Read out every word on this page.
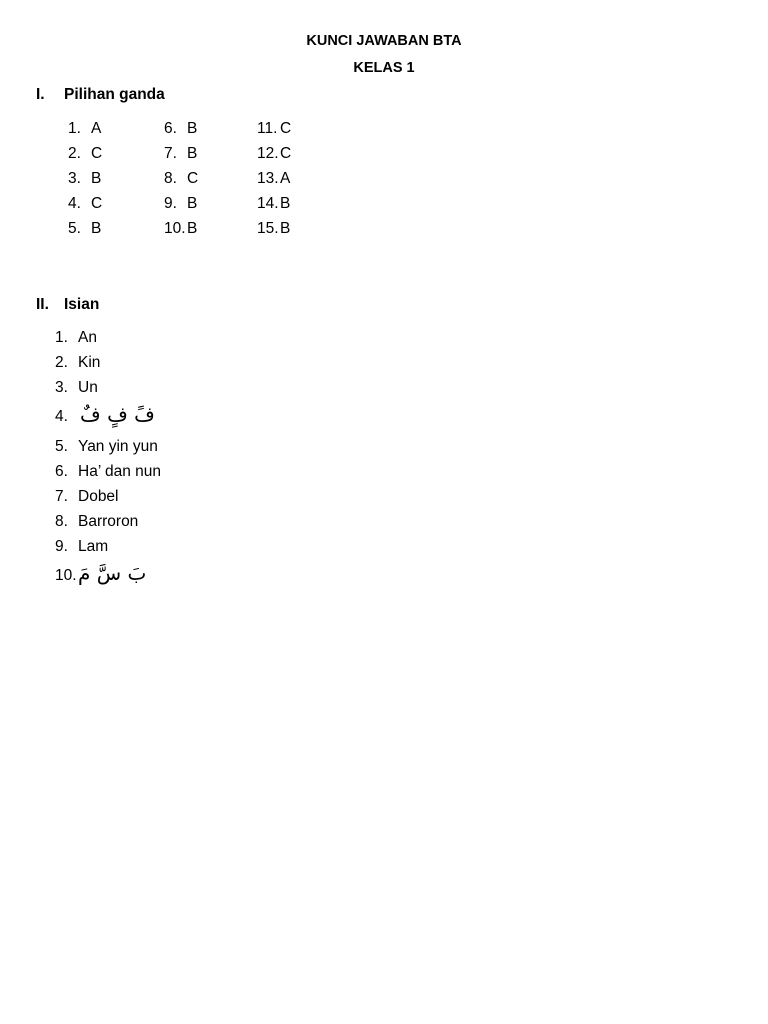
KUNCI JAWABAN BTA
KELAS 1
I. Pilihan ganda
1. A
2. C
3. B
4. C
5. B
6. B
7. B
8. C
9. B
10.B
11. C
12.C
13.A
14.B
15.B
II. Isian
1. An
2. Kin
3. Un
4. فً فٍ فٌ
5. Yan yin yun
6. Ha’ dan nun
7. Dobel
8. Barroron
9. Lam
10.بَ سَّ مَ
